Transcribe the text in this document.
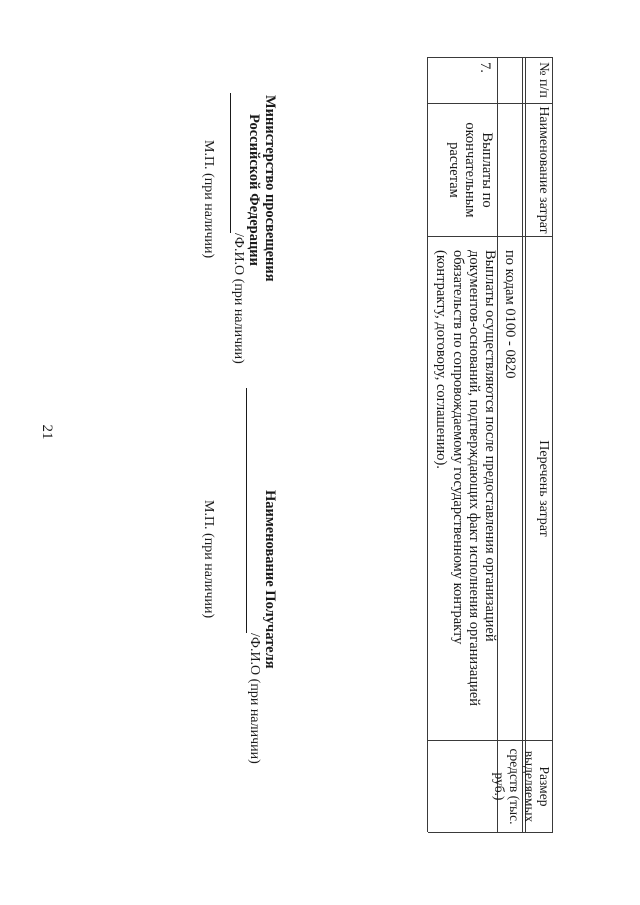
21
№ п/п
Наименование затрат
Перечень затрат
Размер выделяемых средств (тыс. руб.)
по кодам 0100 - 0820
7.
Выплаты по окончательным расчетам
Выплаты осуществляются после предоставления организацией
документов-оснований, подтверждающих факт исполнения организацией
обязательств по сопровождаемому государственному контракту
(контракту, договору, соглашению).
Министерство просвещения
Российской Федерации
/Ф.И.О (при наличии)
М.П. (при наличии)
Наименование Получателя
/Ф.И.О (при наличии)
М.П. (при наличии)
